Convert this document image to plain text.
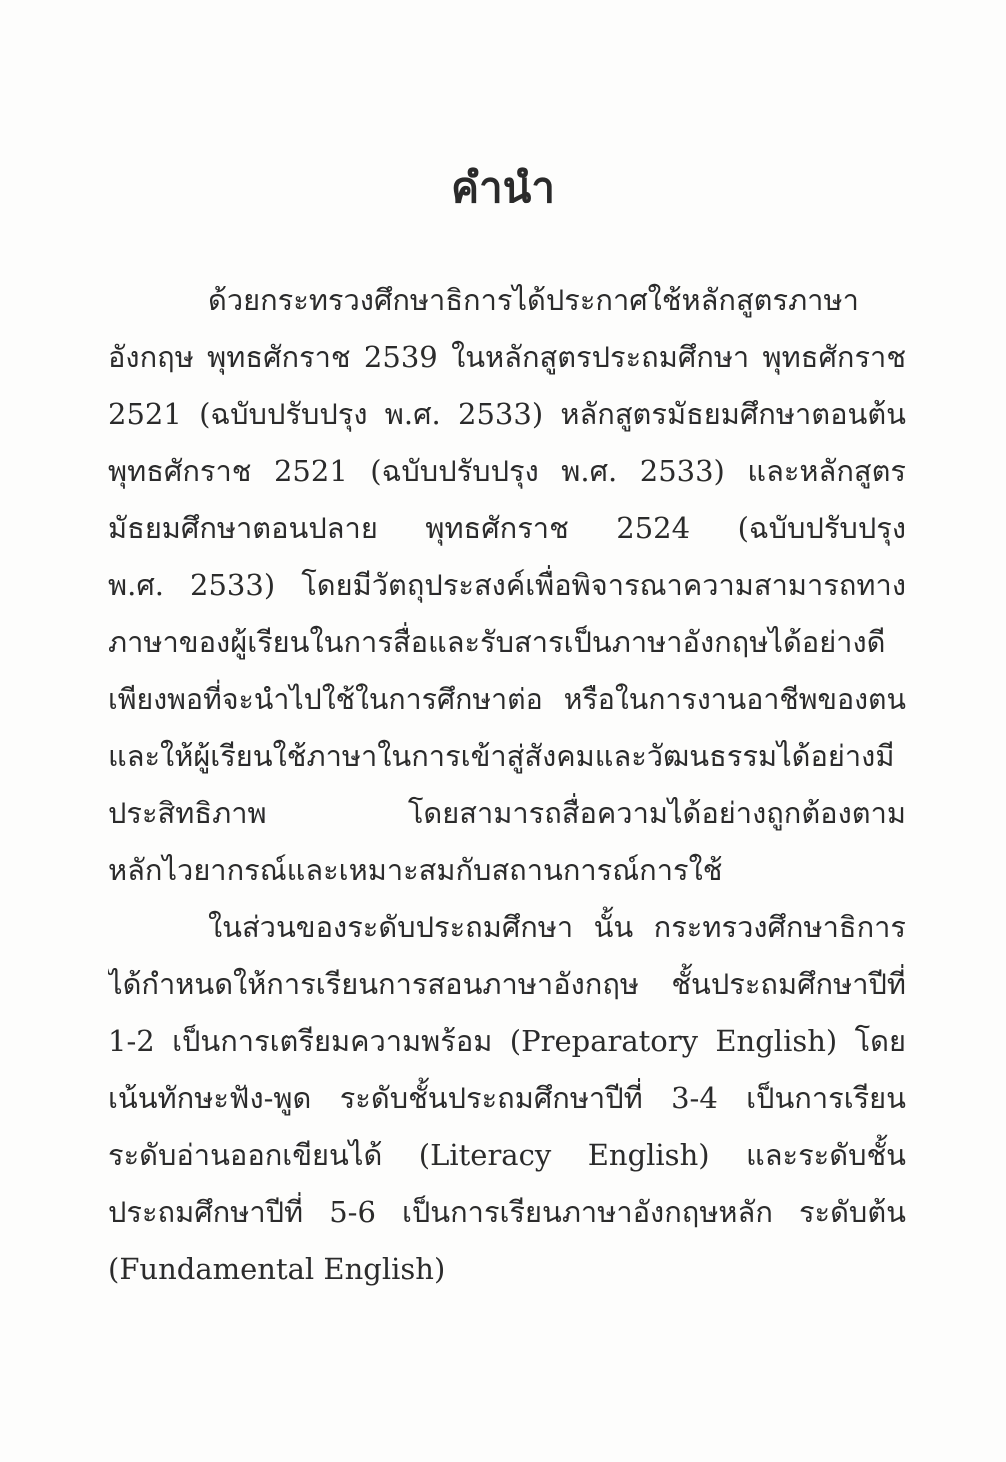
คำนำ
ด้วยกระทรวงศึกษาธิการได้ประกาศใช้หลักสูตรภาษา
อังกฤษ พุทธศักราช 2539 ในหลักสูตรประถมศึกษา พุทธศักราช
2521 (ฉบับปรับปรุง พ.ศ. 2533) หลักสูตรมัธยมศึกษาตอนต้น
พุทธศักราช 2521 (ฉบับปรับปรุง พ.ศ. 2533) และหลักสูตร
มัธยมศึกษาตอนปลาย พุทธศักราช 2524 (ฉบับปรับปรุง
พ.ศ. 2533) โดยมีวัตถุประสงค์เพื่อพิจารณาความสามารถทาง
ภาษาของผู้เรียนในการสื่อและรับสารเป็นภาษาอังกฤษได้อย่างดี
เพียงพอที่จะนำไปใช้ในการศึกษาต่อ หรือในการงานอาชีพของตน
และให้ผู้เรียนใช้ภาษาในการเข้าสู่สังคมและวัฒนธรรมได้อย่างมี
ประสิทธิภาพ โดยสามารถสื่อความได้อย่างถูกต้องตาม
หลักไวยากรณ์และเหมาะสมกับสถานการณ์การใช้
ในส่วนของระดับประถมศึกษา นั้น กระทรวงศึกษาธิการ
ได้กำหนดให้การเรียนการสอนภาษาอังกฤษ ชั้นประถมศึกษาปีที่
1-2 เป็นการเตรียมความพร้อม (Preparatory English) โดย
เน้นทักษะฟัง-พูด ระดับชั้นประถมศึกษาปีที่ 3-4 เป็นการเรียน
ระดับอ่านออกเขียนได้ (Literacy English) และระดับชั้น
ประถมศึกษาปีที่ 5-6 เป็นการเรียนภาษาอังกฤษหลัก ระดับต้น
(Fundamental English)
